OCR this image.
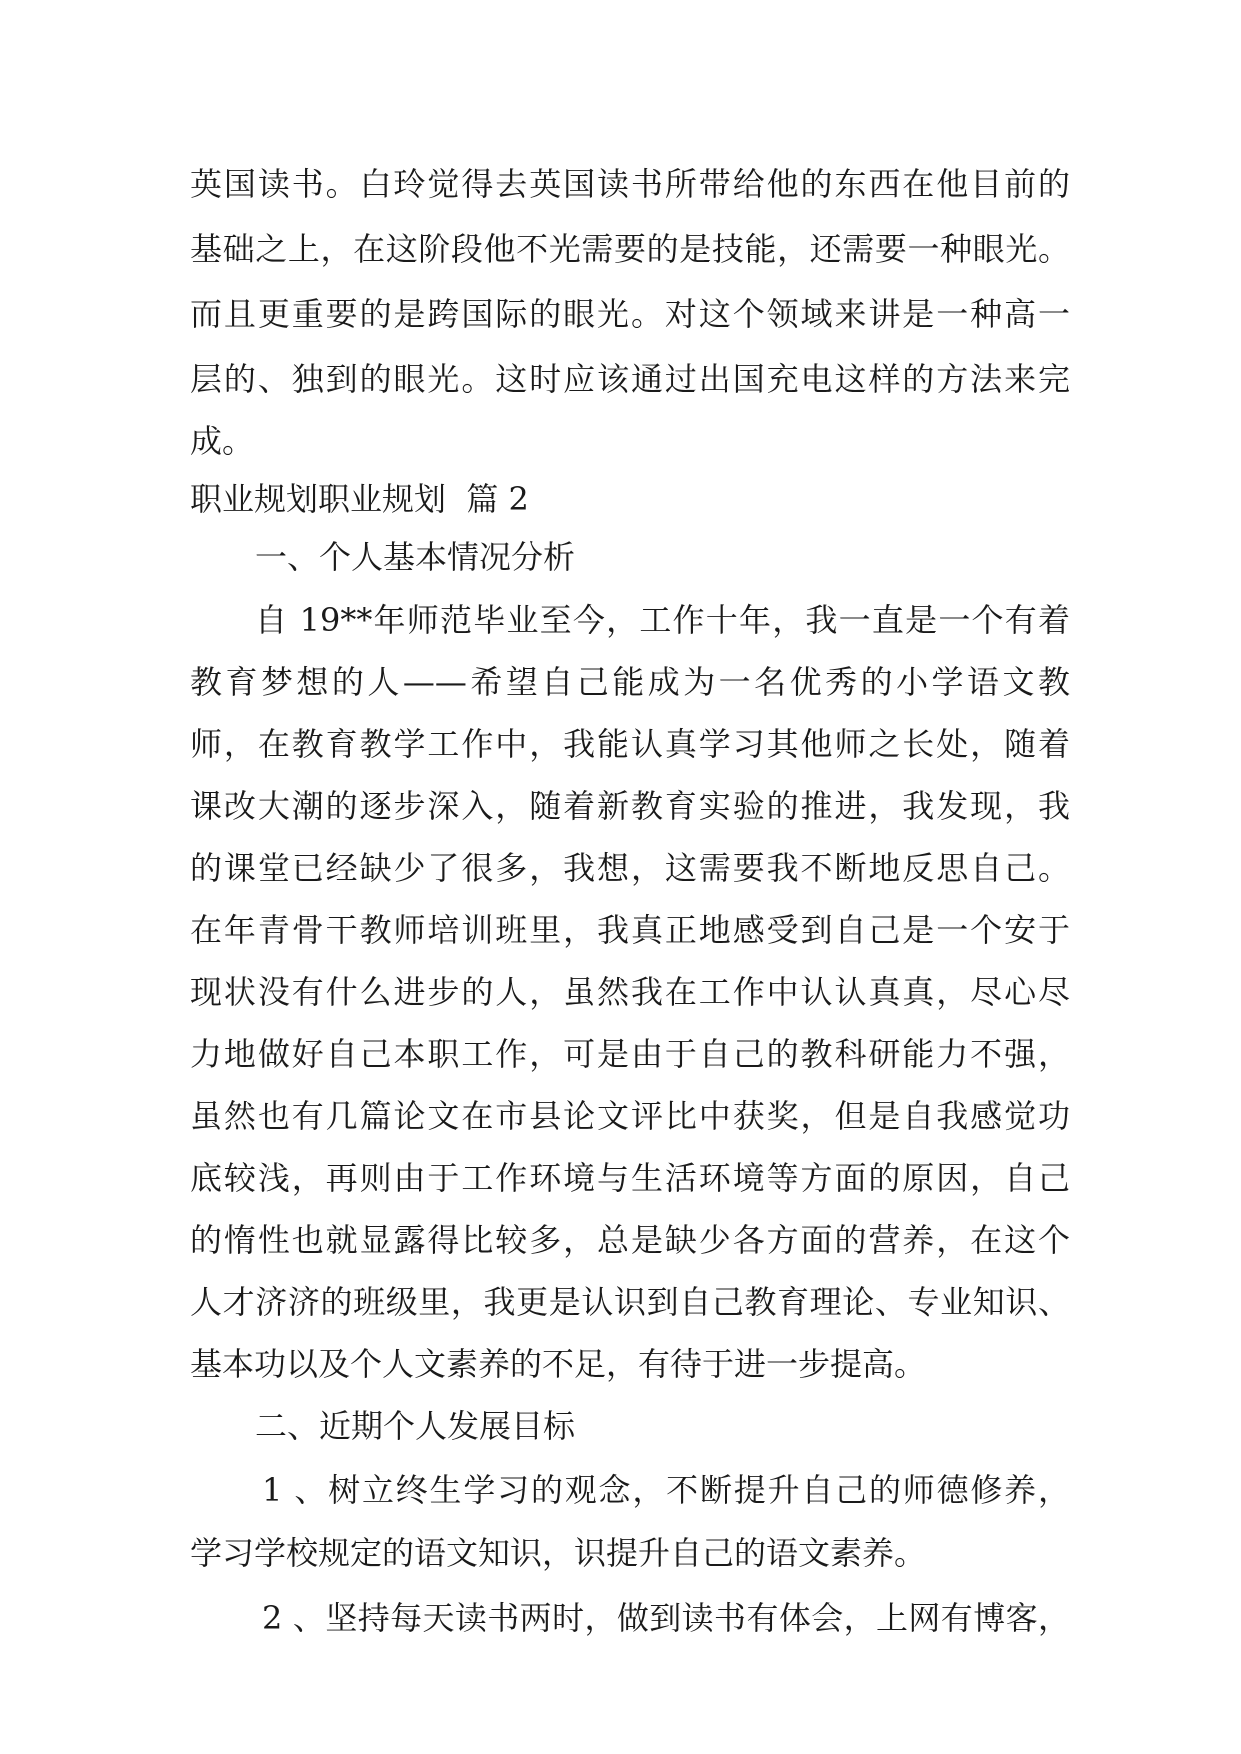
英国读书。白玲觉得去英国读书所带给他的东西在他目前的
基础之上，在这阶段他不光需要的是技能，还需要一种眼光。
而且更重要的是跨国际的眼光。对这个领域来讲是一种高一
层的、独到的眼光。这时应该通过出国充电这样的方法来完
成。
职业规划职业规划  篇 2
一、个人基本情况分析
自 19**年师范毕业至今，工作十年，我一直是一个有着
教育梦想的人——希望自己能成为一名优秀的小学语文教
师，在教育教学工作中，我能认真学习其他师之长处，随着
课改大潮的逐步深入，随着新教育实验的推进，我发现，我
的课堂已经缺少了很多，我想，这需要我不断地反思自己。
在年青骨干教师培训班里，我真正地感受到自己是一个安于
现状没有什么进步的人，虽然我在工作中认认真真，尽心尽
力地做好自己本职工作，可是由于自己的教科研能力不强，
虽然也有几篇论文在市县论文评比中获奖，但是自我感觉功
底较浅，再则由于工作环境与生活环境等方面的原因，自己
的惰性也就显露得比较多，总是缺少各方面的营养，在这个
人才济济的班级里，我更是认识到自己教育理论、专业知识、
基本功以及个人文素养的不足，有待于进一步提高。
二、近期个人发展目标
1 、树立终生学习的观念，不断提升自己的师德修养，
学习学校规定的语文知识，识提升自己的语文素养。
2 、坚持每天读书两时，做到读书有体会，上网有博客，
